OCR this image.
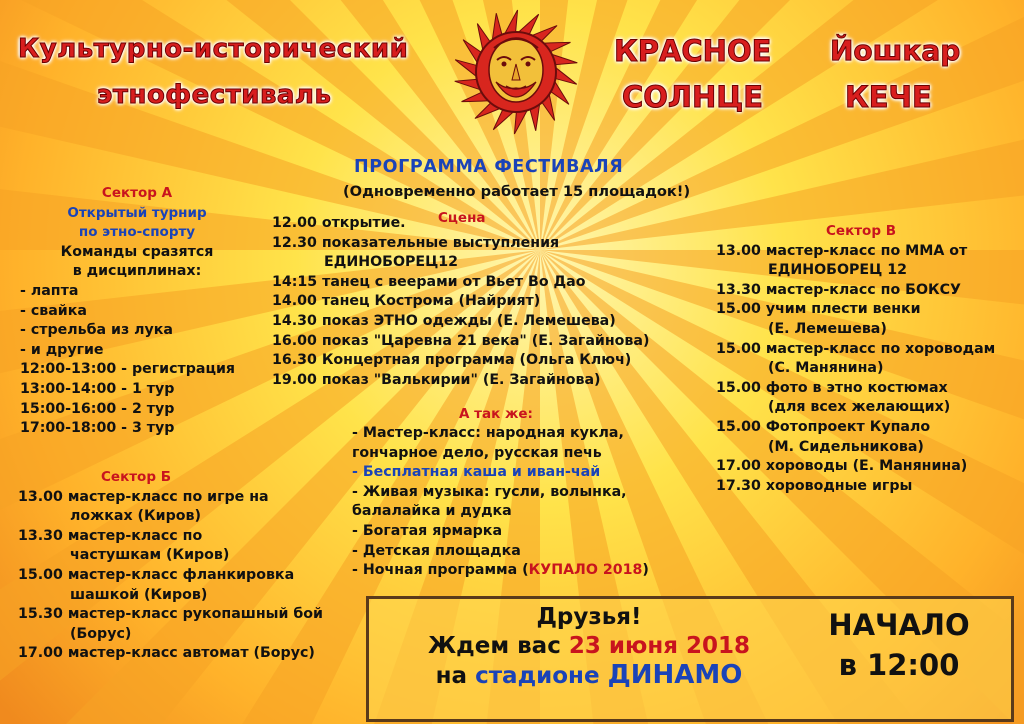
Культурно-исторический
этнофестиваль
КРАСНОЕ
СОЛНЦЕ
Йошкар
КЕЧЕ
ПРОГРАММА ФЕСТИВАЛЯ
(Одновременно работает 15 площадок!)
Сцена
12.00 открытие.
12.30 показательные выступления
ЕДИНОБОРЕЦ12
14:15 танец с веерами от Вьет Во Дао
14.00 танец Кострома (Найрият)
14.30 показ ЭТНО одежды (Е. Лемешева)
16.00 показ "Царевна 21 века" (Е. Загайнова)
16.30 Концертная программа (Ольга Ключ)
19.00 показ "Валькирии" (Е. Загайнова)
А так же:
- Мастер-класс: народная кукла,
гончарное дело, русская печь
- Бесплатная каша и иван-чай
- Живая музыка: гусли, волынка,
балалайка и дудка
- Богатая ярмарка
- Детская площадка
- Ночная программа (КУПАЛО 2018)
Сектор А
Открытый турнир
по этно-спорту
Команды сразятся
в дисциплинах:
- лапта
- свайка
- стрельба из лука
- и другие
12:00-13:00 - регистрация
13:00-14:00 - 1 тур
15:00-16:00 - 2 тур
17:00-18:00 - 3 тур
Сектор Б
13.00 мастер-класс по игре на
ложках (Киров)
13.30 мастер-класс по
частушкам (Киров)
15.00 мастер-класс фланкировка
шашкой (Киров)
15.30 мастер-класс рукопашный бой
(Борус)
17.00 мастер-класс автомат (Борус)
Сектор В
13.00 мастер-класс по ММА от
ЕДИНОБОРЕЦ 12
13.30 мастер-класс по БОКСУ
15.00 учим плести венки
(Е. Лемешева)
15.00 мастер-класс по хороводам
(С. Манянина)
15.00 фото в этно костюмах
(для всех желающих)
15.00 Фотопроект Купало
(М. Сидельникова)
17.00 хороводы (Е. Манянина)
17.30 хороводные игры
Друзья!
Ждем вас 23 июня 2018
на стадионе ДИНАМО
НАЧАЛО
в 12:00
